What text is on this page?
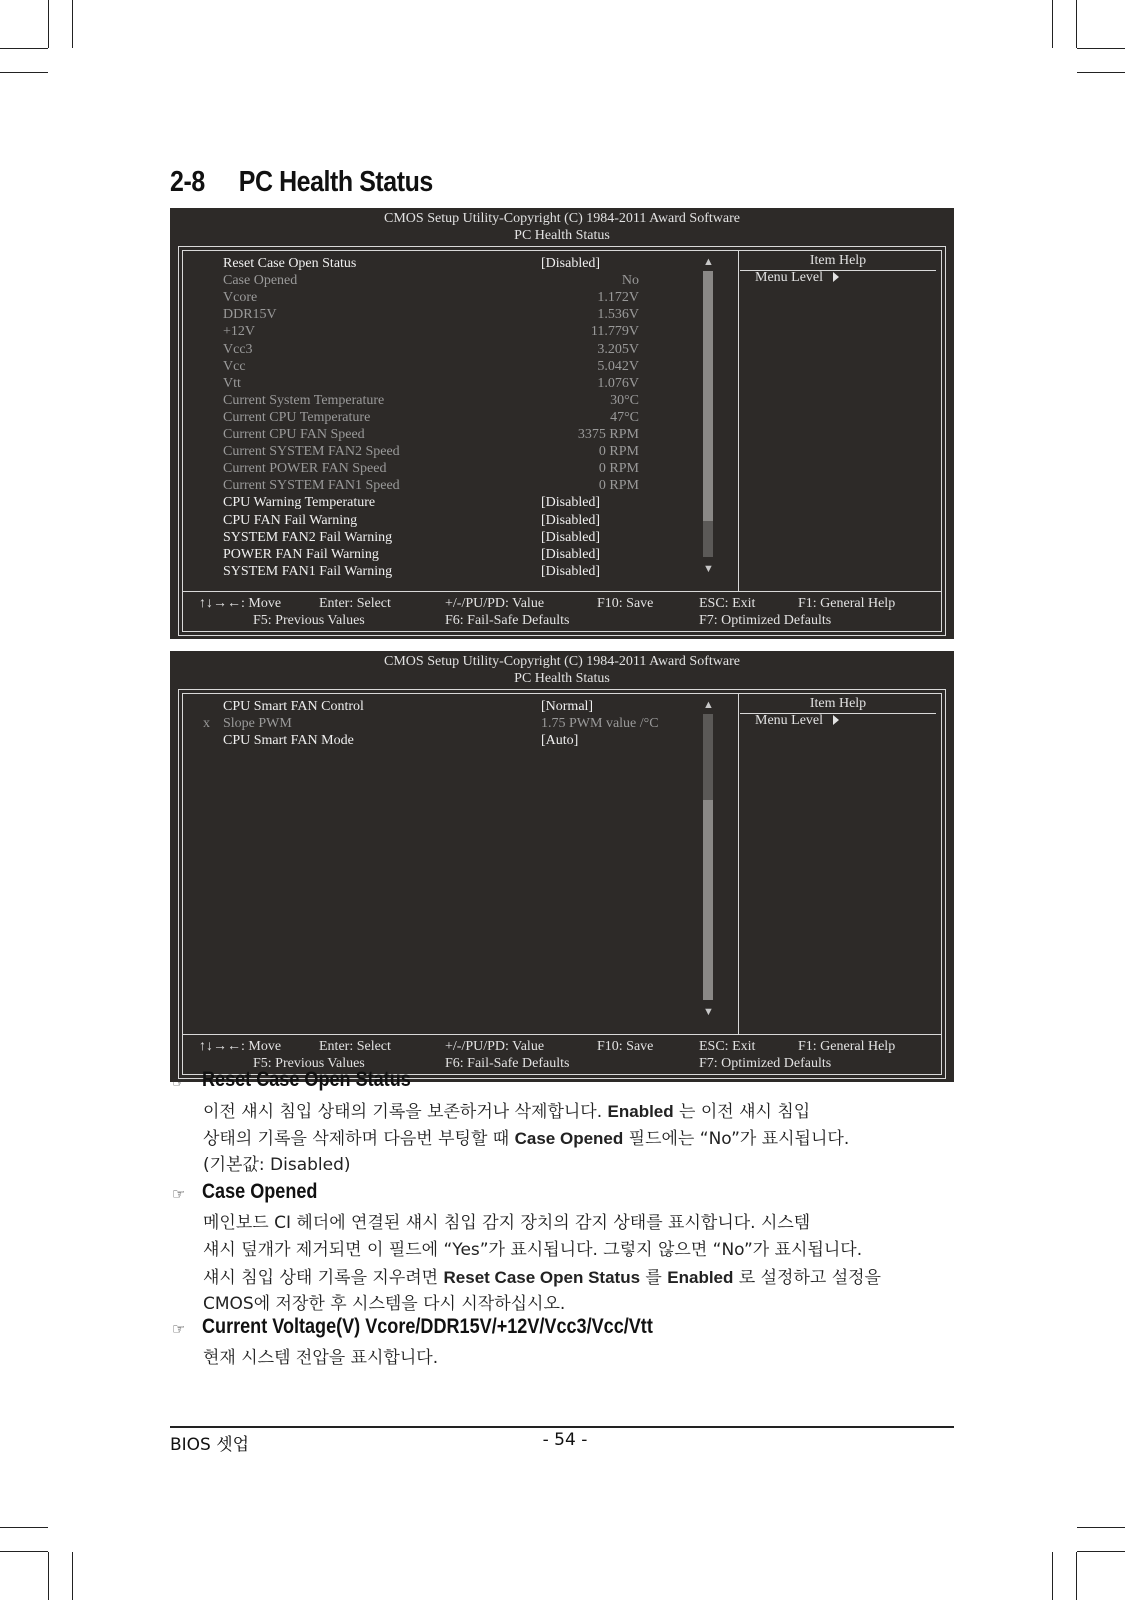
2-8 PC Health Status
CMOS Setup Utility-Copyright (C) 1984-2011 Award Software
PC Health Status
Reset Case Open Status	[Disabled]
Case Opened	No
Vcore	1.172V
DDR15V	1.536V
+12V	11.779V
Vcc3	3.205V
Vcc	5.042V
Vtt	1.076V
Current System Temperature	30°C
Current CPU Temperature	47°C
Current CPU FAN Speed	3375 RPM
Current SYSTEM FAN2 Speed	0 RPM
Current POWER FAN Speed	0 RPM
Current SYSTEM FAN1 Speed	0 RPM
CPU Warning Temperature	[Disabled]
CPU FAN Fail Warning	[Disabled]
SYSTEM FAN2 Fail Warning	[Disabled]
POWER FAN Fail Warning	[Disabled]
SYSTEM FAN1 Fail Warning	[Disabled]
▲
▼
Item Help
Menu Level
↑↓→←: Move	Enter: Select	+/-/PU/PD: Value	F10: Save	ESC: Exit	F1: General Help
F5: Previous Values	F6: Fail-Safe Defaults	F7: Optimized Defaults
CMOS Setup Utility-Copyright (C) 1984-2011 Award Software
PC Health Status
CPU Smart FAN Control	[Normal]
x Slope PWM	1.75 PWM value /°C
CPU Smart FAN Mode	[Auto]
▲
▼
Item Help
Menu Level
↑↓→←: Move	Enter: Select	+/-/PU/PD: Value	F10: Save	ESC: Exit	F1: General Help
F5: Previous Values	F6: Fail-Safe Defaults	F7: Optimized Defaults
☞ Reset Case Open Status
이전 섀시 침입 상태의 기록을 보존하거나 삭제합니다. Enabled 는 이전 섀시 침입
상태의 기록을 삭제하며 다음번 부팅할 때 Case Opened 필드에는 “No”가 표시됩니다.
(기본값: Disabled)
☞ Case Opened
메인보드 CI 헤더에 연결된 섀시 침입 감지 장치의 감지 상태를 표시합니다. 시스템
섀시 덮개가 제거되면 이 필드에 “Yes”가 표시됩니다. 그렇지 않으면 “No”가 표시됩니다.
섀시 침입 상태 기록을 지우려면 Reset Case Open Status 를 Enabled 로 설정하고 설정을
CMOS에 저장한 후 시스템을 다시 시작하십시오.
☞ Current Voltage(V) Vcore/DDR15V/+12V/Vcc3/Vcc/Vtt
현재 시스템 전압을 표시합니다.
BIOS 셋업	- 54 -
